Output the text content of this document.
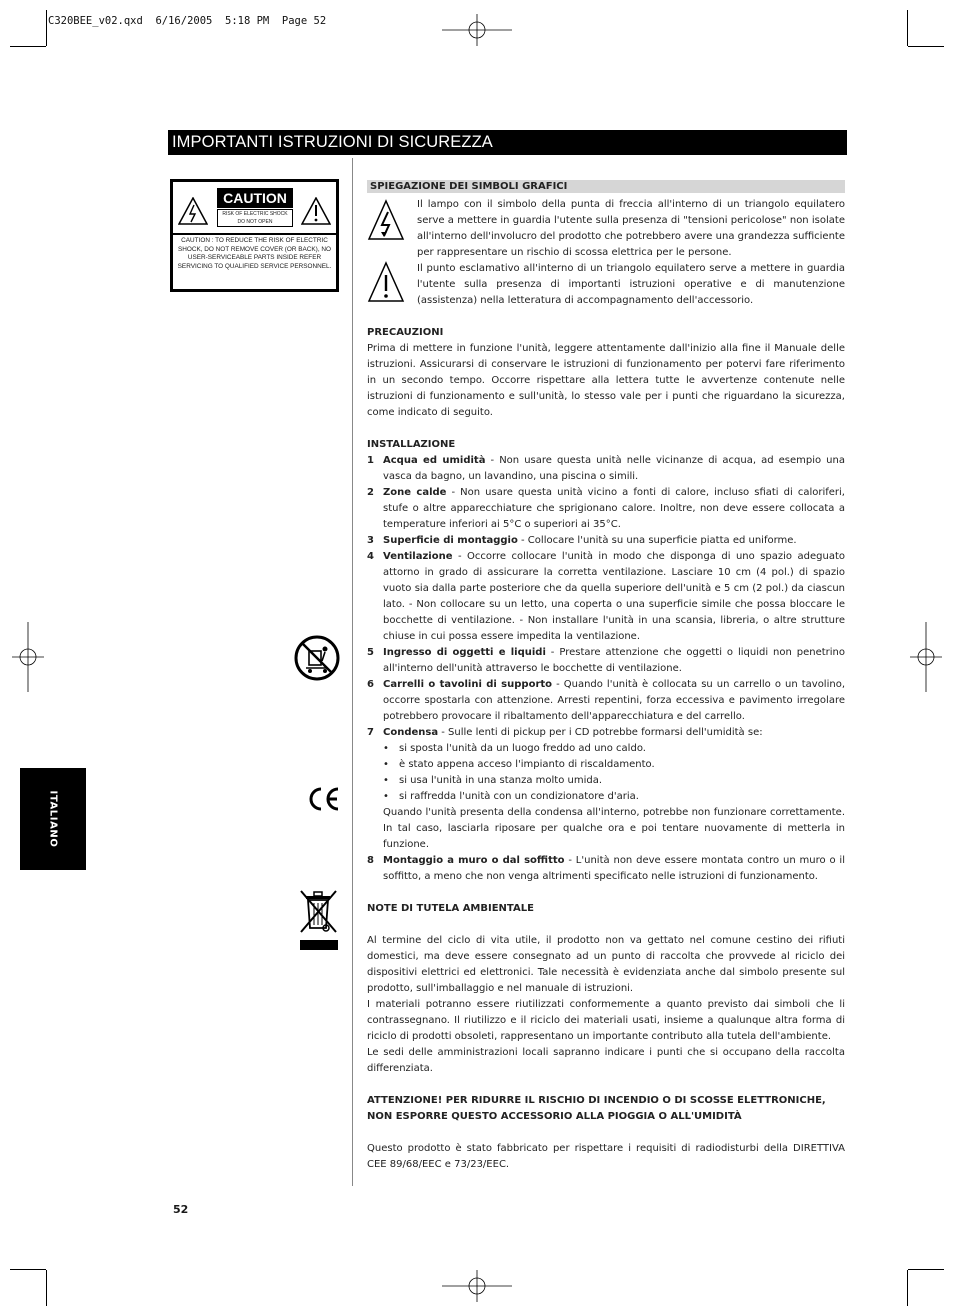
C320BEE_v02.qxd  6/16/2005  5:18 PM  Page 52
IMPORTANTI ISTRUZIONI DI SICUREZZA
CAUTION
RISK OF ELECTRIC SHOCK DO NOT OPEN
CAUTION : TO REDUCE THE RISK OF ELECTRIC SHOCK, DO NOT REMOVE COVER (OR BACK), NO USER-SERVICEABLE PARTS INSIDE REFER SERVICING TO QUALIFIED SERVICE PERSONNEL.
ITALIANO
SPIEGAZIONE DEI SIMBOLI GRAFICI
Il lampo con il simbolo della punta di freccia all'interno di un triangolo equilatero serve a mettere in guardia l'utente sulla presenza di "tensioni pericolose" non isolate all'interno dell'involucro del prodotto che potrebbero avere una grandezza sufficiente per rappresentare un rischio di scossa elettrica per le persone.
Il punto esclamativo all'interno di un triangolo equilatero serve a mettere in guardia l'utente sulla presenza di importanti istruzioni operative e di manutenzione (assistenza) nella letteratura di accompagnamento dell'accessorio.
PRECAUZIONI
Prima di mettere in funzione l'unità, leggere attentamente dall'inizio alla fine il Manuale delle istruzioni. Assicurarsi di conservare le istruzioni di funzionamento per potervi fare riferimento in un secondo tempo. Occorre rispettare alla lettera tutte le avvertenze contenute nelle istruzioni di funzionamento e sull'unità, lo stesso vale per i punti che riguardano la sicurezza, come indicato di seguito.
INSTALLAZIONE
1 Acqua ed umidità - Non usare questa unità nelle vicinanze di acqua, ad esempio una vasca da bagno, un lavandino, una piscina o simili.
2 Zone calde - Non usare questa unità vicino a fonti di calore, incluso sfiati di caloriferi, stufe o altre apparecchiature che sprigionano calore. Inoltre, non deve essere collocata a temperature inferiori ai 5°C o superiori ai 35°C.
3 Superficie di montaggio - Collocare l'unità su una superficie piatta ed uniforme.
4 Ventilazione - Occorre collocare l'unità in modo che disponga di uno spazio adeguato attorno in grado di assicurare la corretta ventilazione. Lasciare 10 cm (4 pol.) di spazio vuoto sia dalla parte posteriore che da quella superiore dell'unità e 5 cm (2 pol.) da ciascun lato. - Non collocare su un letto, una coperta o una superficie simile che possa bloccare le bocchette di ventilazione. - Non installare l'unità in una scansia, libreria, o altre strutture chiuse in cui possa essere impedita la ventilazione.
5 Ingresso di oggetti e liquidi - Prestare attenzione che oggetti o liquidi non penetrino all'interno dell'unità attraverso le bocchette di ventilazione.
6 Carrelli o tavolini di supporto - Quando l'unità è collocata su un carrello o un tavolino, occorre spostarla con attenzione. Arresti repentini, forza eccessiva e pavimento irregolare potrebbero provocare il ribaltamento dell'apparecchiatura e del carrello.
7 Condensa - Sulle lenti di pickup per i CD potrebbe formarsi dell'umidità se:
•	si sposta l'unità da un luogo freddo ad uno caldo.
•	è stato appena acceso l'impianto di riscaldamento.
•	si usa l'unità in una stanza molto umida.
•	si raffredda l'unità con un condizionatore d'aria.
Quando l'unità presenta della condensa all'interno, potrebbe non funzionare correttamente. In tal caso, lasciarla riposare per qualche ora e poi tentare nuovamente di metterla in funzione.
8 Montaggio a muro o dal soffitto - L'unità non deve essere montata contro un muro o il soffitto, a meno che non venga altrimenti specificato nelle istruzioni di funzionamento.
NOTE DI TUTELA AMBIENTALE
Al termine del ciclo di vita utile, il prodotto non va gettato nel comune cestino dei rifiuti domestici, ma deve essere consegnato ad un punto di raccolta che provvede al riciclo dei dispositivi elettrici ed elettronici. Tale necessità è evidenziata anche dal simbolo presente sul prodotto, sull'imballaggio e nel manuale di istruzioni.
I materiali potranno essere riutilizzati conformemente a quanto previsto dai simboli che li contrassegnano. Il riutilizzo e il riciclo dei materiali usati, insieme a qualunque altra forma di riciclo di prodotti obsoleti, rappresentano un importante contributo alla tutela dell'ambiente.
Le sedi delle amministrazioni locali sapranno indicare i punti che si occupano della raccolta differenziata.
ATTENZIONE! PER RIDURRE IL RISCHIO DI INCENDIO O DI SCOSSE ELETTRONICHE,
NON ESPORRE QUESTO ACCESSORIO ALLA PIOGGIA O ALL'UMIDITÀ
Questo prodotto è stato fabbricato per rispettare i requisiti di radiodisturbi della DIRETTIVA CEE 89/68/EEC e 73/23/EEC.
52
